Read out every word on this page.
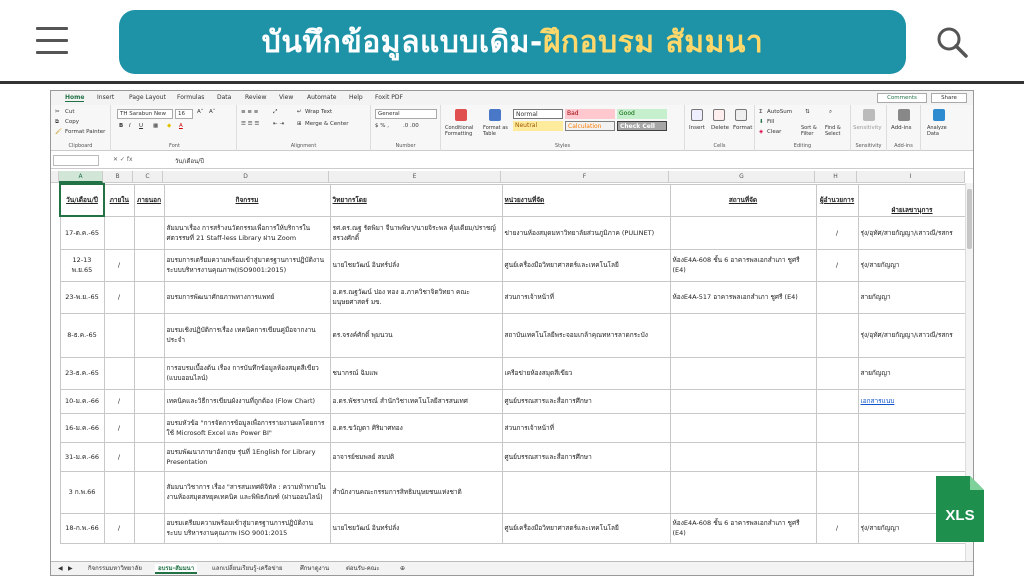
บันทึกข้อมูลแบบเดิม- ฝึกอบรม สัมมนา
Home Insert Page Layout Formulas Data Review View Automate Help Foxit PDF	Comments	Share
✂ Cut
⧉ Copy
🖌 Format Painter
Clipboard
TH Sarabun New	16	A˄ A˅
B I U ▦ ◆ A
Font
≡ ≡ ≡	⤢
☰ ☰ ☰ ⇤ ⇥
↵ Wrap Text
⊞ Merge & Center
Alignment
General
$ % ,	.0 .00
Number
Conditional Formatting
Format as Table
Normal	Bad	Good
Neutral	Calculation	Check Cell
Styles
Insert Delete Format
Cells
Σ AutoSum
⬇ Fill
◈ Clear
⇅
Sort & Filter
⌕
Find & Select
Editing
Sensitivity
Sensitivity
Add-ins
Add-ins
Analyze Data
✕ ✓ fx	วัน/เดือน/ปี
A	B	C	D	E	F	G	H	I
วัน/เดือน/ปี	ภายใน	ภายนอก	กิจกรรม	วิทยากรโดย	หน่วยงานที่จัด	สถานที่จัด	ผู้อำนวยการ	ฝ่ายเลขานุการ
17-ต.ค.-65			สัมมนาเรื่อง การสร้างนวัตกรรมเพื่อการให้บริการใน ศตวรรษที่ 21 Staff-less Library ผ่าน Zoom	รศ.ดร.ณฐ รัตพิมา จีนาพพิษา/นายจิระพล คุ้มเดียม/ปราชญ์ สรวงศักดิ์	ข่ายงานห้องสมุดมหาวิทยาลัยส่วนภูมิภาค (PULINET)		/	รุ่ง/อุทัศ/สายกัญญา/เสาวณี/รสกร
12-13 พ.ย.65	/		อบรมการเตรียมความพร้อมเข้าสู่มาตรฐานการปฏิบัติงาน ระบบบริหารงานคุณภาพ(ISO9001:2015)	นายไชยวัฒน์ อินทร์ปลั่ง	ศูนย์เครื่องมือวิทยาศาสตร์และเทคโนโลยี	ห้องE4A-608 ชั้น 6 อาคารพลเอกสำเภา ชูศรี (E4)	/	รุ่ง/สายกัญญา
23-พ.ย.-65	/		อบรมการพัฒนาศักยภาพทางการแพทย์	อ.ดร.ณฐวัฒน์ ปอง ทอง อ.ภาควิชาจิตวิทยา คณะมนุษยศาสตร์ มข.	ส่วนการเจ้าหน้าที่	ห้องE4A-517 อาคารพลเอกสำเภา ชูศรี (E4)		สายกัญญา
8-ธ.ค.-65			อบรมเชิงปฏิบัติการเรื่อง เทคนิคการเขียนคู่มือจากงานประจำ	ดร.จรงค์ศักดิ์ พุมนวน	สถาบันเทคโนโลยีพระจอมเกล้าคุณทหารลาดกระบัง			รุ่ง/อุทัศ/สายกัญญา/เสาวณี/รสกร
23-ธ.ค.-65			การอบรมเบื้องต้น เรื่อง การบันทึกข้อมูลห้องสมุดสีเขียว (แบบออนไลน์)	ชนากรณ์ ฉิมแพ	เครือข่ายห้องสมุดสีเขียว			สายกัญญา
10-ม.ค.-66	/		เทคนิคและวิธีการเขียนผังงานที่ถูกต้อง (Flow Chart)	อ.ดร.พัชราภรณ์ สำนักวิชาเทคโนโลยีสารสนเทศ	ศูนย์บรรณสารและสื่อการศึกษา			เอกสารแนบ
16-ม.ค.-66	/		อบรมหัวข้อ "การจัดการข้อมูลเพื่อการรายงานผลโดยการใช้ Microsoft Excel และ Power BI"	อ.ดร.ขวัญตา ศิริมาศทอง	ส่วนการเจ้าหน้าที่			
31-ม.ค.-66	/		อบรมพัฒนาภาษาอังกฤษ รุ่นที่ 1English for Library Presentation	อาจารย์ชมพลย์ สมปติ	ศูนย์บรรณสารและสื่อการศึกษา			
3 ก.พ.66			สัมมนาวิชาการ เรื่อง "สารสนเทศดิจิทัล : ความท้าทายใน งานห้องสมุดสหยุคเทคนิค และพิพิธภัณฑ์ (ผ่านออนไลน์)	สำนักงานคณะกรรมการสิทธิมนุษยชนแห่งชาติ				
18-ก.พ.-66	/		อบรมเตรียมความพร้อมเข้าสู่มาตรฐานการปฏิบัติงานระบบ บริหารงานคุณภาพ ISO 9001:2015	นายไชยวัฒน์ อินทร์ปลั่ง	ศูนย์เครื่องมือวิทยาศาสตร์และเทคโนโลยี	ห้องE4A-608 ชั้น 6 อาคารพลเอกสำเภา ชูศรี (E4)	/	รุ่ง/สายกัญญา
◀ ▶	กิจกรรมมหาวิทยาลัย	อบรม-สัมมนา	แลกเปลี่ยนเรียนรู้-เครือข่าย	ศึกษาดูงาน	ต่อนรับ-คณะ	⊕
XLS
